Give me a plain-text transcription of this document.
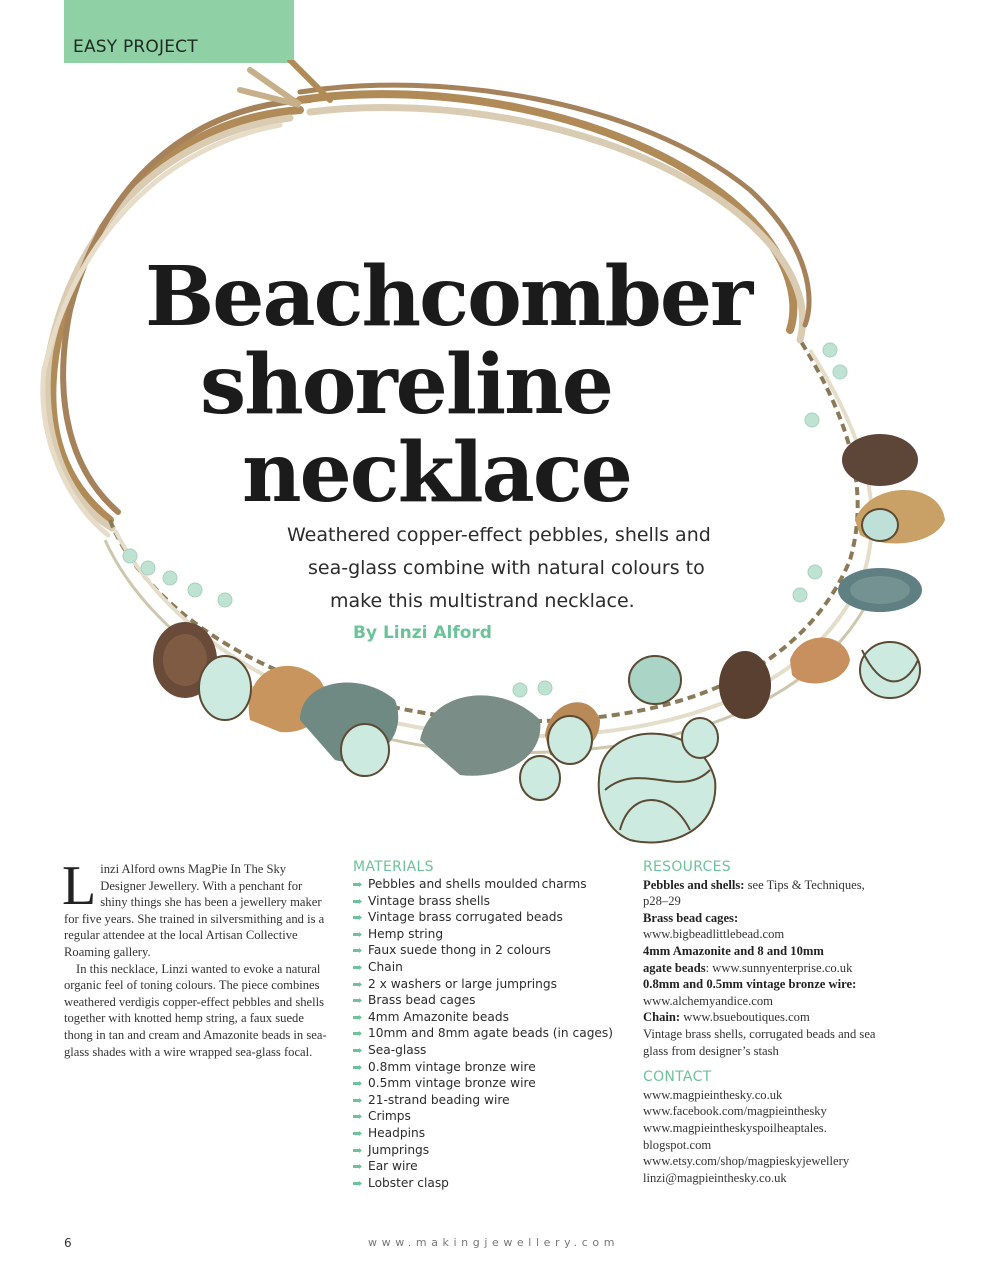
EASY PROJECT
Beachcomber
shoreline
necklace
Weathered copper-effect pebbles, shells and
sea-glass combine with natural colours to
make this multistrand necklace.
By Linzi Alford

L inzi Alford owns MagPie In The Sky Designer Jewellery. With a penchant for shiny things she has been a jewellery maker for five years. She trained in silversmithing and is a regular attendee at the local Artisan Collective Roaming gallery.

In this necklace, Linzi wanted to evoke a natural organic feel of toning colours. The piece combines weathered verdigis copper-effect pebbles and shells together with knotted hemp string, a faux suede thong in tan and cream and Amazonite beads in sea-glass shades with a wire wrapped sea-glass focal.

MATERIALS
Pebbles and shells moulded charms
Vintage brass shells
Vintage brass corrugated beads
Hemp string
Faux suede thong in 2 colours
Chain
2 x washers or large jumprings
Brass bead cages
4mm Amazonite beads
10mm and 8mm agate beads (in cages)
Sea-glass
0.8mm vintage bronze wire
0.5mm vintage bronze wire
21-strand beading wire
Crimps
Headpins
Jumprings
Ear wire
Lobster clasp
RESOURCES
Pebbles and shells: see Tips & Techniques,
p28–29
Brass bead cages:
www.bigbeadlittlebead.com
4mm Amazonite and 8 and 10mm
agate beads: www.sunnyenterprise.co.uk
0.8mm and 0.5mm vintage bronze wire:
www.alchemyandice.com
Chain: www.bsueboutiques.com
Vintage brass shells, corrugated beads and sea
glass from designer’s stash
CONTACT
www.magpieinthesky.co.uk
www.facebook.com/magpieinthesky
www.magpieintheskyspoilheaptales.
blogspot.com
www.etsy.com/shop/magpieskyjewellery
linzi@magpieinthesky.co.uk
6	www.makingjewellery.com
